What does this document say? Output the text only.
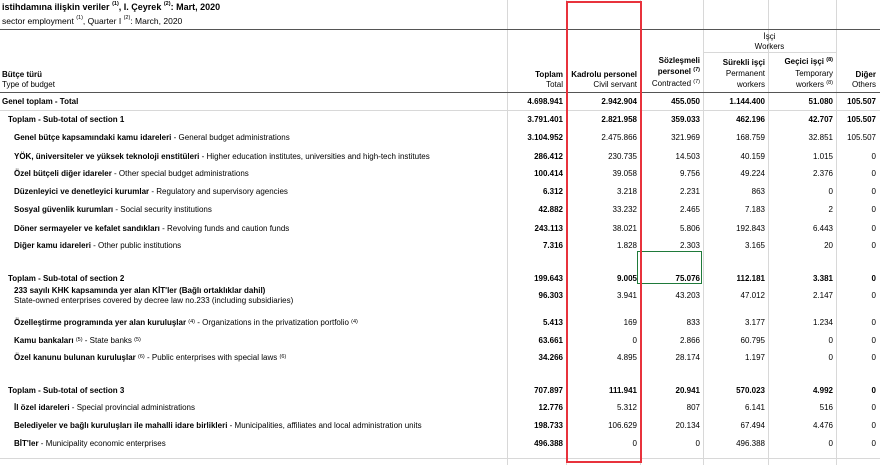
istihdamına ilişkin veriler $^{(1)}$, I. Çeyrek $^{(2)}$: Mart, 2020
sector employment $^{(1)}$, Quarter I $^{(2)}$: March, 2020
Bütçe türü
Type of budget
Toplam
Total
Kadrolu personel
Civil servant
Sözleşmeli
personel $^{(7)}$
Contracted $^{(7)}$
İşçi
Workers
Sürekli işçi
Permanent
workers
Geçici işçi $^{(8)}$
Temporary
workers $^{(8)}$
Diğer
Others
Genel toplam - Total	4.698.941	2.942.904	455.050	1.144.400	51.080	105.507
Toplam - Sub-total of section 1	3.791.401	2.821.958	359.033	462.196	42.707	105.507
Genel bütçe kapsamındaki kamu idareleri - General budget administrations	3.104.952	2.475.866	321.969	168.759	32.851	105.507
YÖK, üniversiteler ve yüksek teknoloji enstitüleri - Higher education institutes, universities and high-tech institutes	286.412	230.735	14.503	40.159	1.015	0
Özel bütçeli diğer idareler - Other special budget administrations	100.414	39.058	9.756	49.224	2.376	0
Düzenleyici ve denetleyici kurumlar - Regulatory and supervisory agencies	6.312	3.218	2.231	863	0	0
Sosyal güvenlik kurumları - Social security institutions	42.882	33.232	2.465	7.183	2	0
Döner sermayeler ve kefalet sandıkları - Revolving funds and caution funds	243.113	38.021	5.806	192.843	6.443	0
Diğer kamu idareleri - Other public institutions	7.316	1.828	2.303	3.165	20	0
Toplam - Sub-total of section 2	199.643	9.005	75.076	112.181	3.381	0
233 sayılı KHK kapsamında yer alan KİT'ler (Bağlı ortaklıklar dahil)
State-owned enterprises covered by decree law no.233 (including subsidiaries)
96.303	3.941	43.203	47.012	2.147	0
Özelleştirme programında yer alan kuruluşlar $^{(4)}$ - Organizations in the privatization portfolio $^{(4)}$	5.413	169	833	3.177	1.234	0
Kamu bankaları $^{(5)}$ - State banks $^{(5)}$	63.661	0	2.866	60.795	0	0
Özel kanunu bulunan kuruluşlar $^{(6)}$ - Public enterprises with special laws $^{(6)}$	34.266	4.895	28.174	1.197	0	0
Toplam - Sub-total of section 3	707.897	111.941	20.941	570.023	4.992	0
İl özel idareleri - Special provincial administrations	12.776	5.312	807	6.141	516	0
Belediyeler ve bağlı kuruluşları ile mahalli idare birlikleri - Municipalities, affiliates and local administration units	198.733	106.629	20.134	67.494	4.476	0
BİT'ler - Municipality economic enterprises	496.388	0	0	496.388	0	0
